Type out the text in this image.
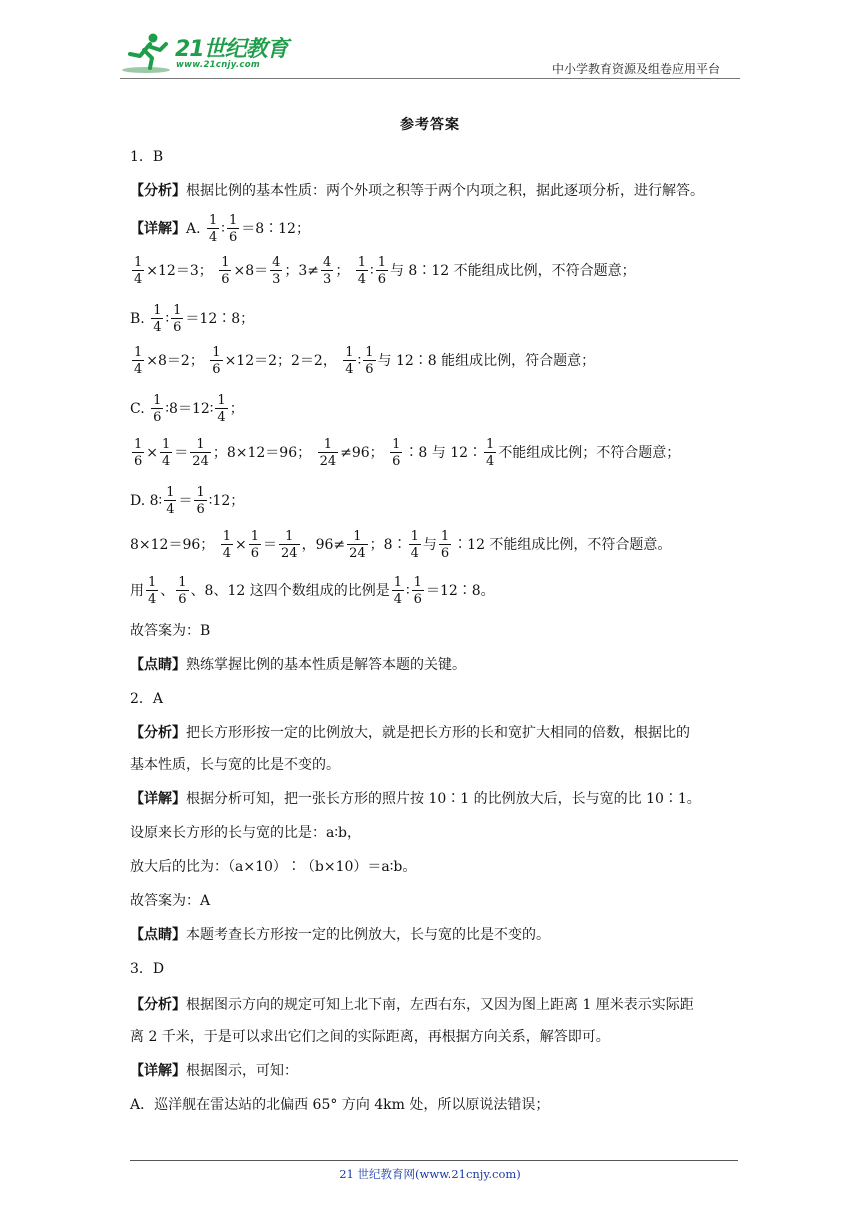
21世纪教育
www.21cnjy.com	中小学教育资源及组卷应用平台
参考答案
1．B
【分析】根据比例的基本性质：两个外项之积等于两个内项之积，据此逐项分析，进行解答。
【详解】A. $\frac{1}{4}$ ∶ $\frac{1}{6}$ ＝8∶12；
$\frac{1}{4} \times 12=3$； $\frac{1}{6} \times 8= \frac{4}{3}$ ；$3\ne \frac{4}{3}$ ； $\frac{1}{4}$ ∶ $\frac{1}{6}$ 与 8∶12 不能组成比例，不符合题意；
B. $\frac{1}{4}$ ∶ $\frac{1}{6}$ ＝12∶8；
$\frac{1}{4} \times 8=2$； $\frac{1}{6} \times 12=2$；2＝2， $\frac{1}{4}$ ∶ $\frac{1}{6}$ 与 12∶8 能组成比例，符合题意；
C. $\frac{1}{6}$ ∶8＝12∶ $\frac{1}{4}$ ；
$\frac{1}{6} \times \frac{1}{4} = \frac{1}{24}$ ；8×12＝96； $\frac{1}{24} \ne 96$； $\frac{1}{6}$ ∶8 与 12∶ $\frac{1}{4}$ 不能组成比例；不符合题意；
D. 8∶ $\frac{1}{4} = \frac{1}{6}$ ∶12；
8×12＝96； $\frac{1}{4} \times \frac{1}{6} = \frac{1}{24}$ ，$96\ne \frac{1}{24}$ ；8∶ $\frac{1}{4}$ 与 $\frac{1}{6}$ ∶12 不能组成比例，不符合题意。
用 $\frac{1}{4}$ 、 $\frac{1}{6}$ 、8、12 这四个数组成的比例是 $\frac{1}{4}$ ∶ $\frac{1}{6}$ ＝12∶8。
故答案为：B
【点睛】熟练掌握比例的基本性质是解答本题的关键。
2．A
【分析】把长方形形按一定的比例放大，就是把长方形的长和宽扩大相同的倍数，根据比的
基本性质，长与宽的比是不变的。
【详解】根据分析可知，把一张长方形的照片按 10∶1 的比例放大后，长与宽的比 10∶1。
设原来长方形的长与宽的比是：a∶b，
放大后的比为：（a×10）∶（b×10）＝a∶b。
故答案为：A
【点睛】本题考查长方形按一定的比例放大，长与宽的比是不变的。
3．D
【分析】根据图示方向的规定可知上北下南，左西右东，又因为图上距离 1 厘米表示实际距
离 2 千米，于是可以求出它们之间的实际距离，再根据方向关系，解答即可。
【详解】根据图示，可知：
A．巡洋舰在雷达站的北偏西 65° 方向 4km 处，所以原说法错误；
21 世纪教育网(www.21cnjy.com)
